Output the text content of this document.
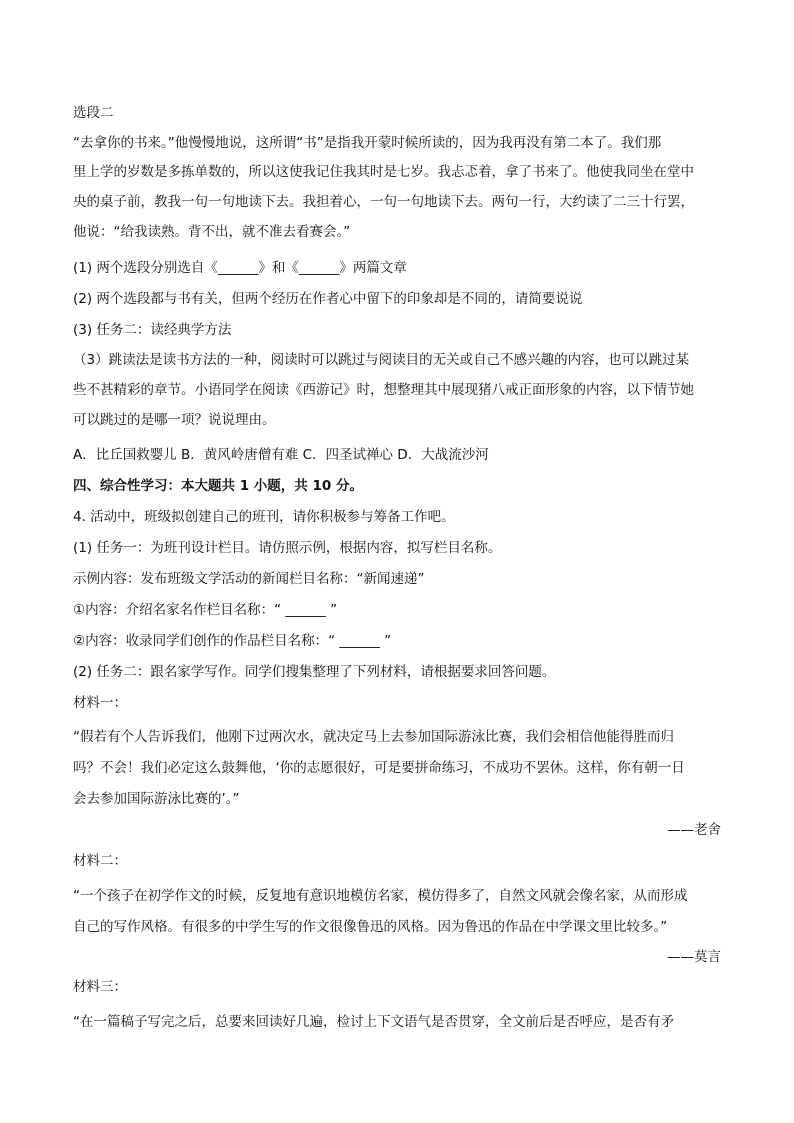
选段二
“去拿你的书来。”他慢慢地说，这所谓“书”是指我开蒙时候所读的，因为我再没有第二本了。我们那
里上学的岁数是多拣单数的，所以这使我记住我其时是七岁。我忐忑着，拿了书来了。他使我同坐在堂中
央的桌子前，教我一句一句地读下去。我担着心，一句一句地读下去。两句一行，大约读了二三十行罢，
他说：“给我读熟。背不出，就不准去看赛会。”
(1) 两个选段分别选自《______》和《______》两篇文章
(2) 两个选段都与书有关，但两个经历在作者心中留下的印象却是不同的，请简要说说
(3) 任务二：读经典学方法
（3）跳读法是读书方法的一种，阅读时可以跳过与阅读目的无关或自己不感兴趣的内容，也可以跳过某
些不甚精彩的章节。小语同学在阅读《西游记》时，想整理其中展现猪八戒正面形象的内容，以下情节她
可以跳过的是哪一项？说说理由。
A．比丘国救婴儿 B．黄风岭唐僧有难 C．四圣试禅心 D．大战流沙河
四、综合性学习：本大题共 1 小题，共 10 分。
4. 活动中，班级拟创建自己的班刊，请你积极参与筹备工作吧。
(1) 任务一：为班刊设计栏目。请仿照示例，根据内容，拟写栏目名称。
示例内容：发布班级文学活动的新闻栏目名称：“新闻速递”
①内容：介绍名家名作栏目名称：“ ______ ”
②内容：收录同学们创作的作品栏目名称：“ ______ ”
(2) 任务二：跟名家学写作。同学们搜集整理了下列材料，请根据要求回答问题。
材料一：
“假若有个人告诉我们，他刚下过两次水，就决定马上去参加国际游泳比赛，我们会相信他能得胜而归
吗？不会！我们必定这么鼓舞他，‘你的志愿很好，可是要拼命练习，不成功不罢休。这样，你有朝一日
会去参加国际游泳比赛的’。”
——老舍
材料二：
“一个孩子在初学作文的时候，反复地有意识地模仿名家，模仿得多了，自然文风就会像名家，从而形成
自己的写作风格。有很多的中学生写的作文很像鲁迅的风格。因为鲁迅的作品在中学课文里比较多。”
——莫言
材料三：
“在一篇稿子写完之后，总要来回读好几遍，检讨上下文语气是否贯穿，全文前后是否呼应，是否有矛
